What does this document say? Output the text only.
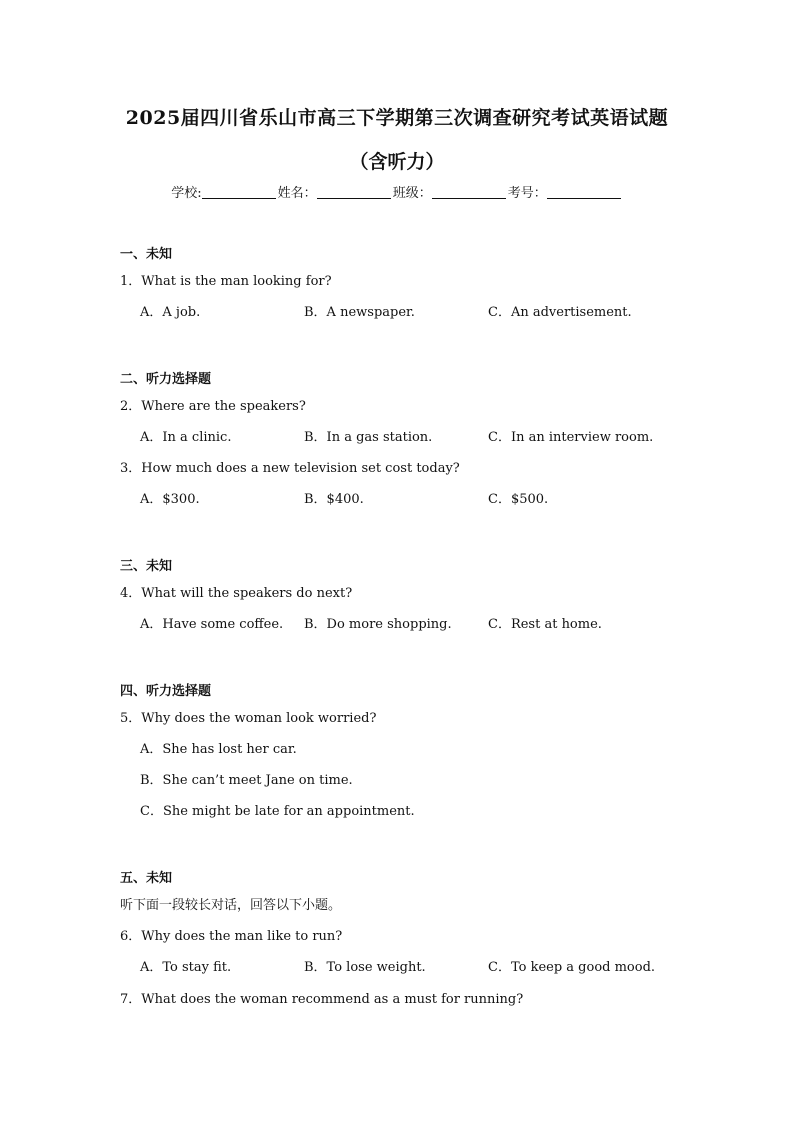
2025届四川省乐山市高三下学期第三次调查研究考试英语试题
（含听力）
学校:	姓名：	班级：	考号：
一、未知
1．What is the man looking for?
A．A job.	B．A newspaper.	C．An advertisement.
二、听力选择题
2．Where are the speakers?
A．In a clinic.	B．In a gas station.	C．In an interview room.
3．How much does a new television set cost today?
A．$300.	B．$400.	C．$500.
三、未知
4．What will the speakers do next?
A．Have some coffee. B．Do more shopping.	C．Rest at home.
四、听力选择题
5．Why does the woman look worried?
A．She has lost her car.
B．She can’t meet Jane on time.
C．She might be late for an appointment.
五、未知
听下面一段较长对话，回答以下小题。
6．Why does the man like to run?
A．To stay fit.	B．To lose weight.	C．To keep a good mood.
7．What does the woman recommend as a must for running?
